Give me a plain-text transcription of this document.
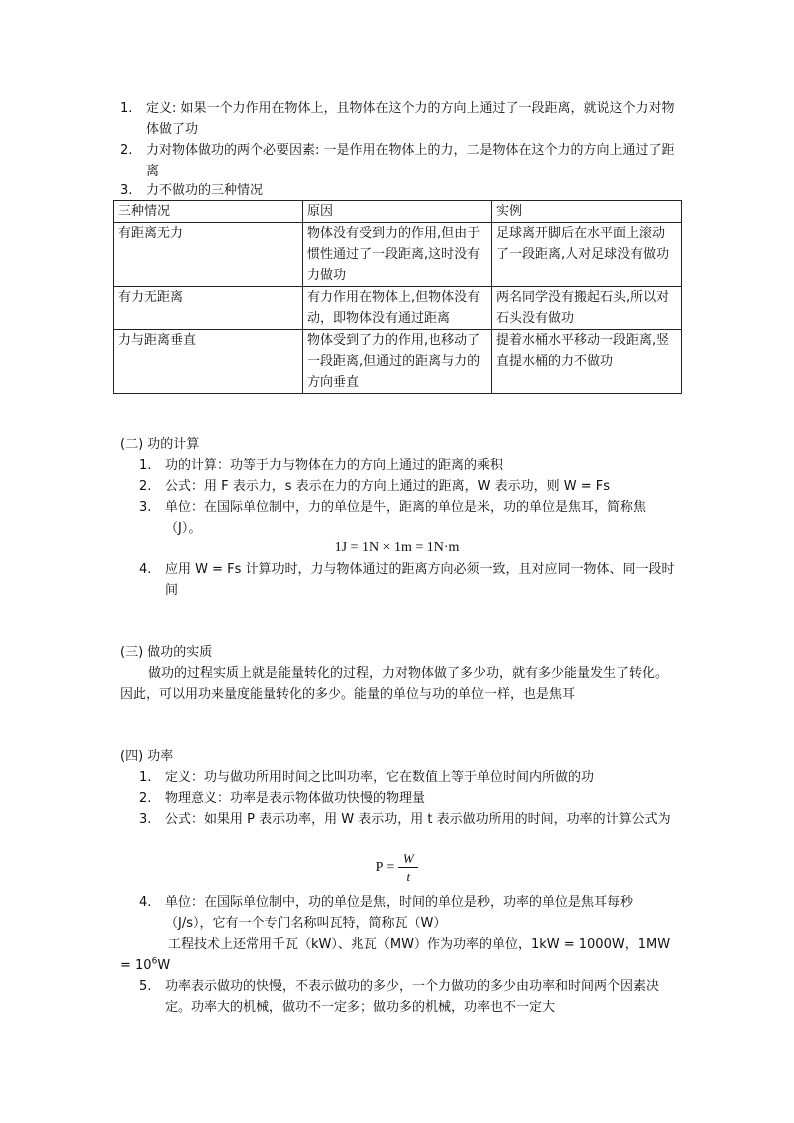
1.	定义: 如果一个力作用在物体上，且物体在这个力的方向上通过了一段距离，就说这个力对物体做了功
2.	力对物体做功的两个必要因素: 一是作用在物体上的力，二是物体在这个力的方向上通过了距离
3.	力不做功的三种情况
三种情况	原因	实例
有距离无力	物体没有受到力的作用,但由于惯性通过了一段距离,这时没有力做功	足球离开脚后在水平面上滚动了一段距离,人对足球没有做功
有力无距离	有力作用在物体上,但物体没有动，即物体没有通过距离	两名同学没有搬起石头,所以对石头没有做功
力与距离垂直	物体受到了力的作用,也移动了一段距离,但通过的距离与力的方向垂直	提着水桶水平移动一段距离,竖直提水桶的力不做功
(二) 功的计算
1.	功的计算：功等于力与物体在力的方向上通过的距离的乘积
2.	公式：用 F 表示力，s 表示在力的方向上通过的距离，W 表示功，则 W = Fs
3.	单位：在国际单位制中，力的单位是牛，距离的单位是米，功的单位是焦耳，简称焦（J）。
1J = 1N × 1m = 1N·m
4.	应用 W = Fs 计算功时，力与物体通过的距离方向必须一致，且对应同一物体、同一段时间
(三) 做功的实质
做功的过程实质上就是能量转化的过程，力对物体做了多少功，就有多少能量发生了转化。因此，可以用功来量度能量转化的多少。能量的单位与功的单位一样，也是焦耳
(四) 功率
1.	定义：功与做功所用时间之比叫功率，它在数值上等于单位时间内所做的功
2.	物理意义：功率是表示物体做功快慢的物理量
3.	公式：如果用 P 表示功率，用 W 表示功，用 t 表示做功所用的时间，功率的计算公式为
P =
W
t
4.	单位：在国际单位制中，功的单位是焦，时间的单位是秒，功率的单位是焦耳每秒（J/s），它有一个专门名称叫瓦特，简称瓦（W）
工程技术上还常用千瓦（kW）、兆瓦（MW）作为功率的单位，1kW = 1000W，$1MW = 10^6W$
5.	功率表示做功的快慢，不表示做功的多少，一个力做功的多少由功率和时间两个因素决定。功率大的机械，做功不一定多；做功多的机械，功率也不一定大
